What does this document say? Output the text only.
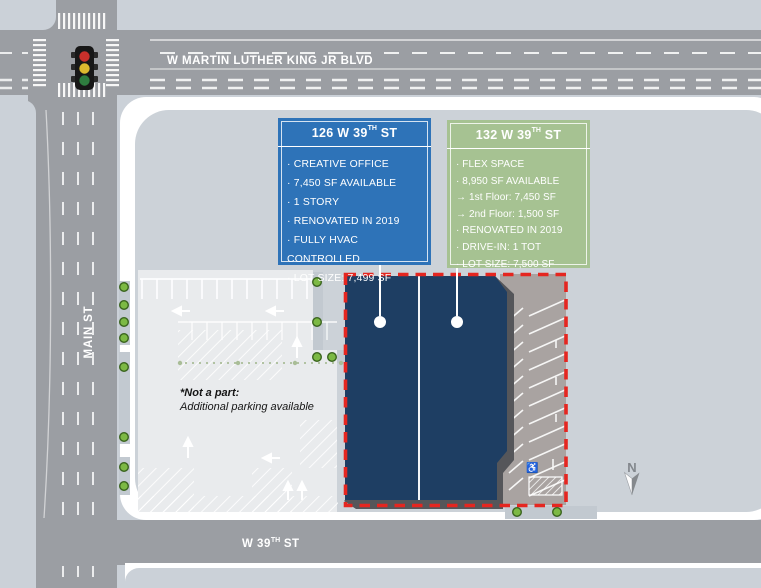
♿
W MARTIN LUTHER KING JR BLVD
MAIN ST
W 39TH ST
126 W 39TH ST
· CREATIVE OFFICE
· 7,450 SF AVAILABLE
· 1 STORY
· RENOVATED IN 2019
· FULLY HVAC CONTROLLED
· LOT SIZE: 7,499 SF
132 W 39TH ST
· FLEX SPACE
· 8,950 SF AVAILABLE
→ 1st Floor: 7,450 SF
→ 2nd Floor: 1,500 SF
· RENOVATED IN 2019
· DRIVE-IN: 1 TOT
· LOT SIZE: 7,500 SF
*Not a part:
Additional parking available
N
